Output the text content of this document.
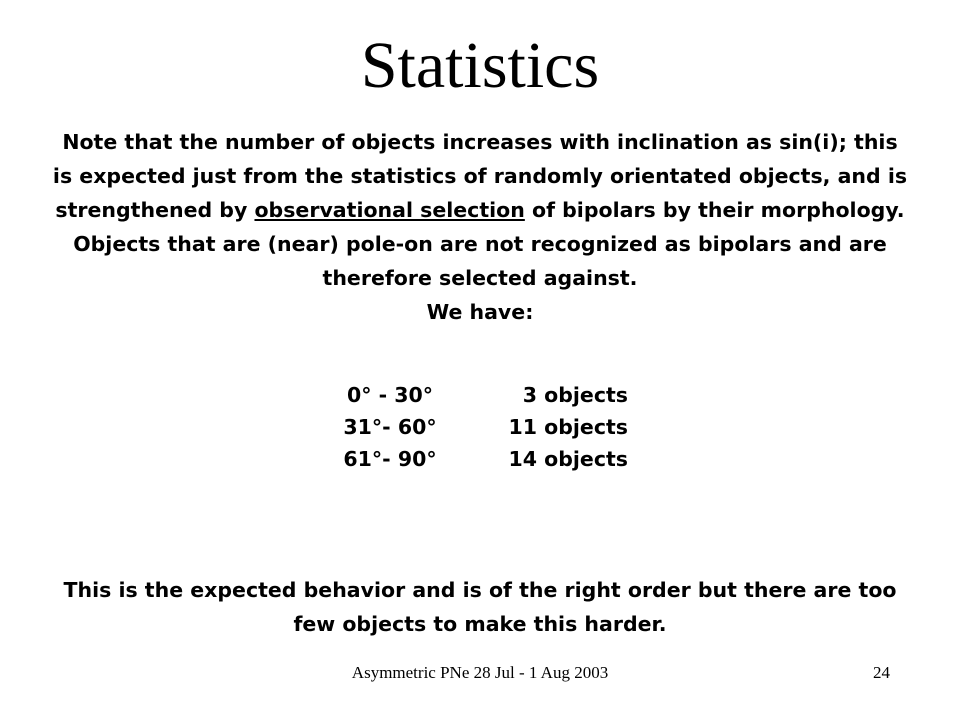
Statistics

Note that the number of objects increases with inclination as sin(i); this
is expected just from the statistics of randomly orientated objects, and is
strengthened by observational selection of bipolars by their morphology.
Objects that are (near) pole-on are not recognized as bipolars and are
therefore selected against.
We have:

0° - 30°	3 objects
31°- 60°	11 objects
61°- 90°	14 objects

This is the expected behavior and is of the right order but there are too
few objects to make this harder.

Asymmetric PNe 28 Jul - 1 Aug 2003	24
